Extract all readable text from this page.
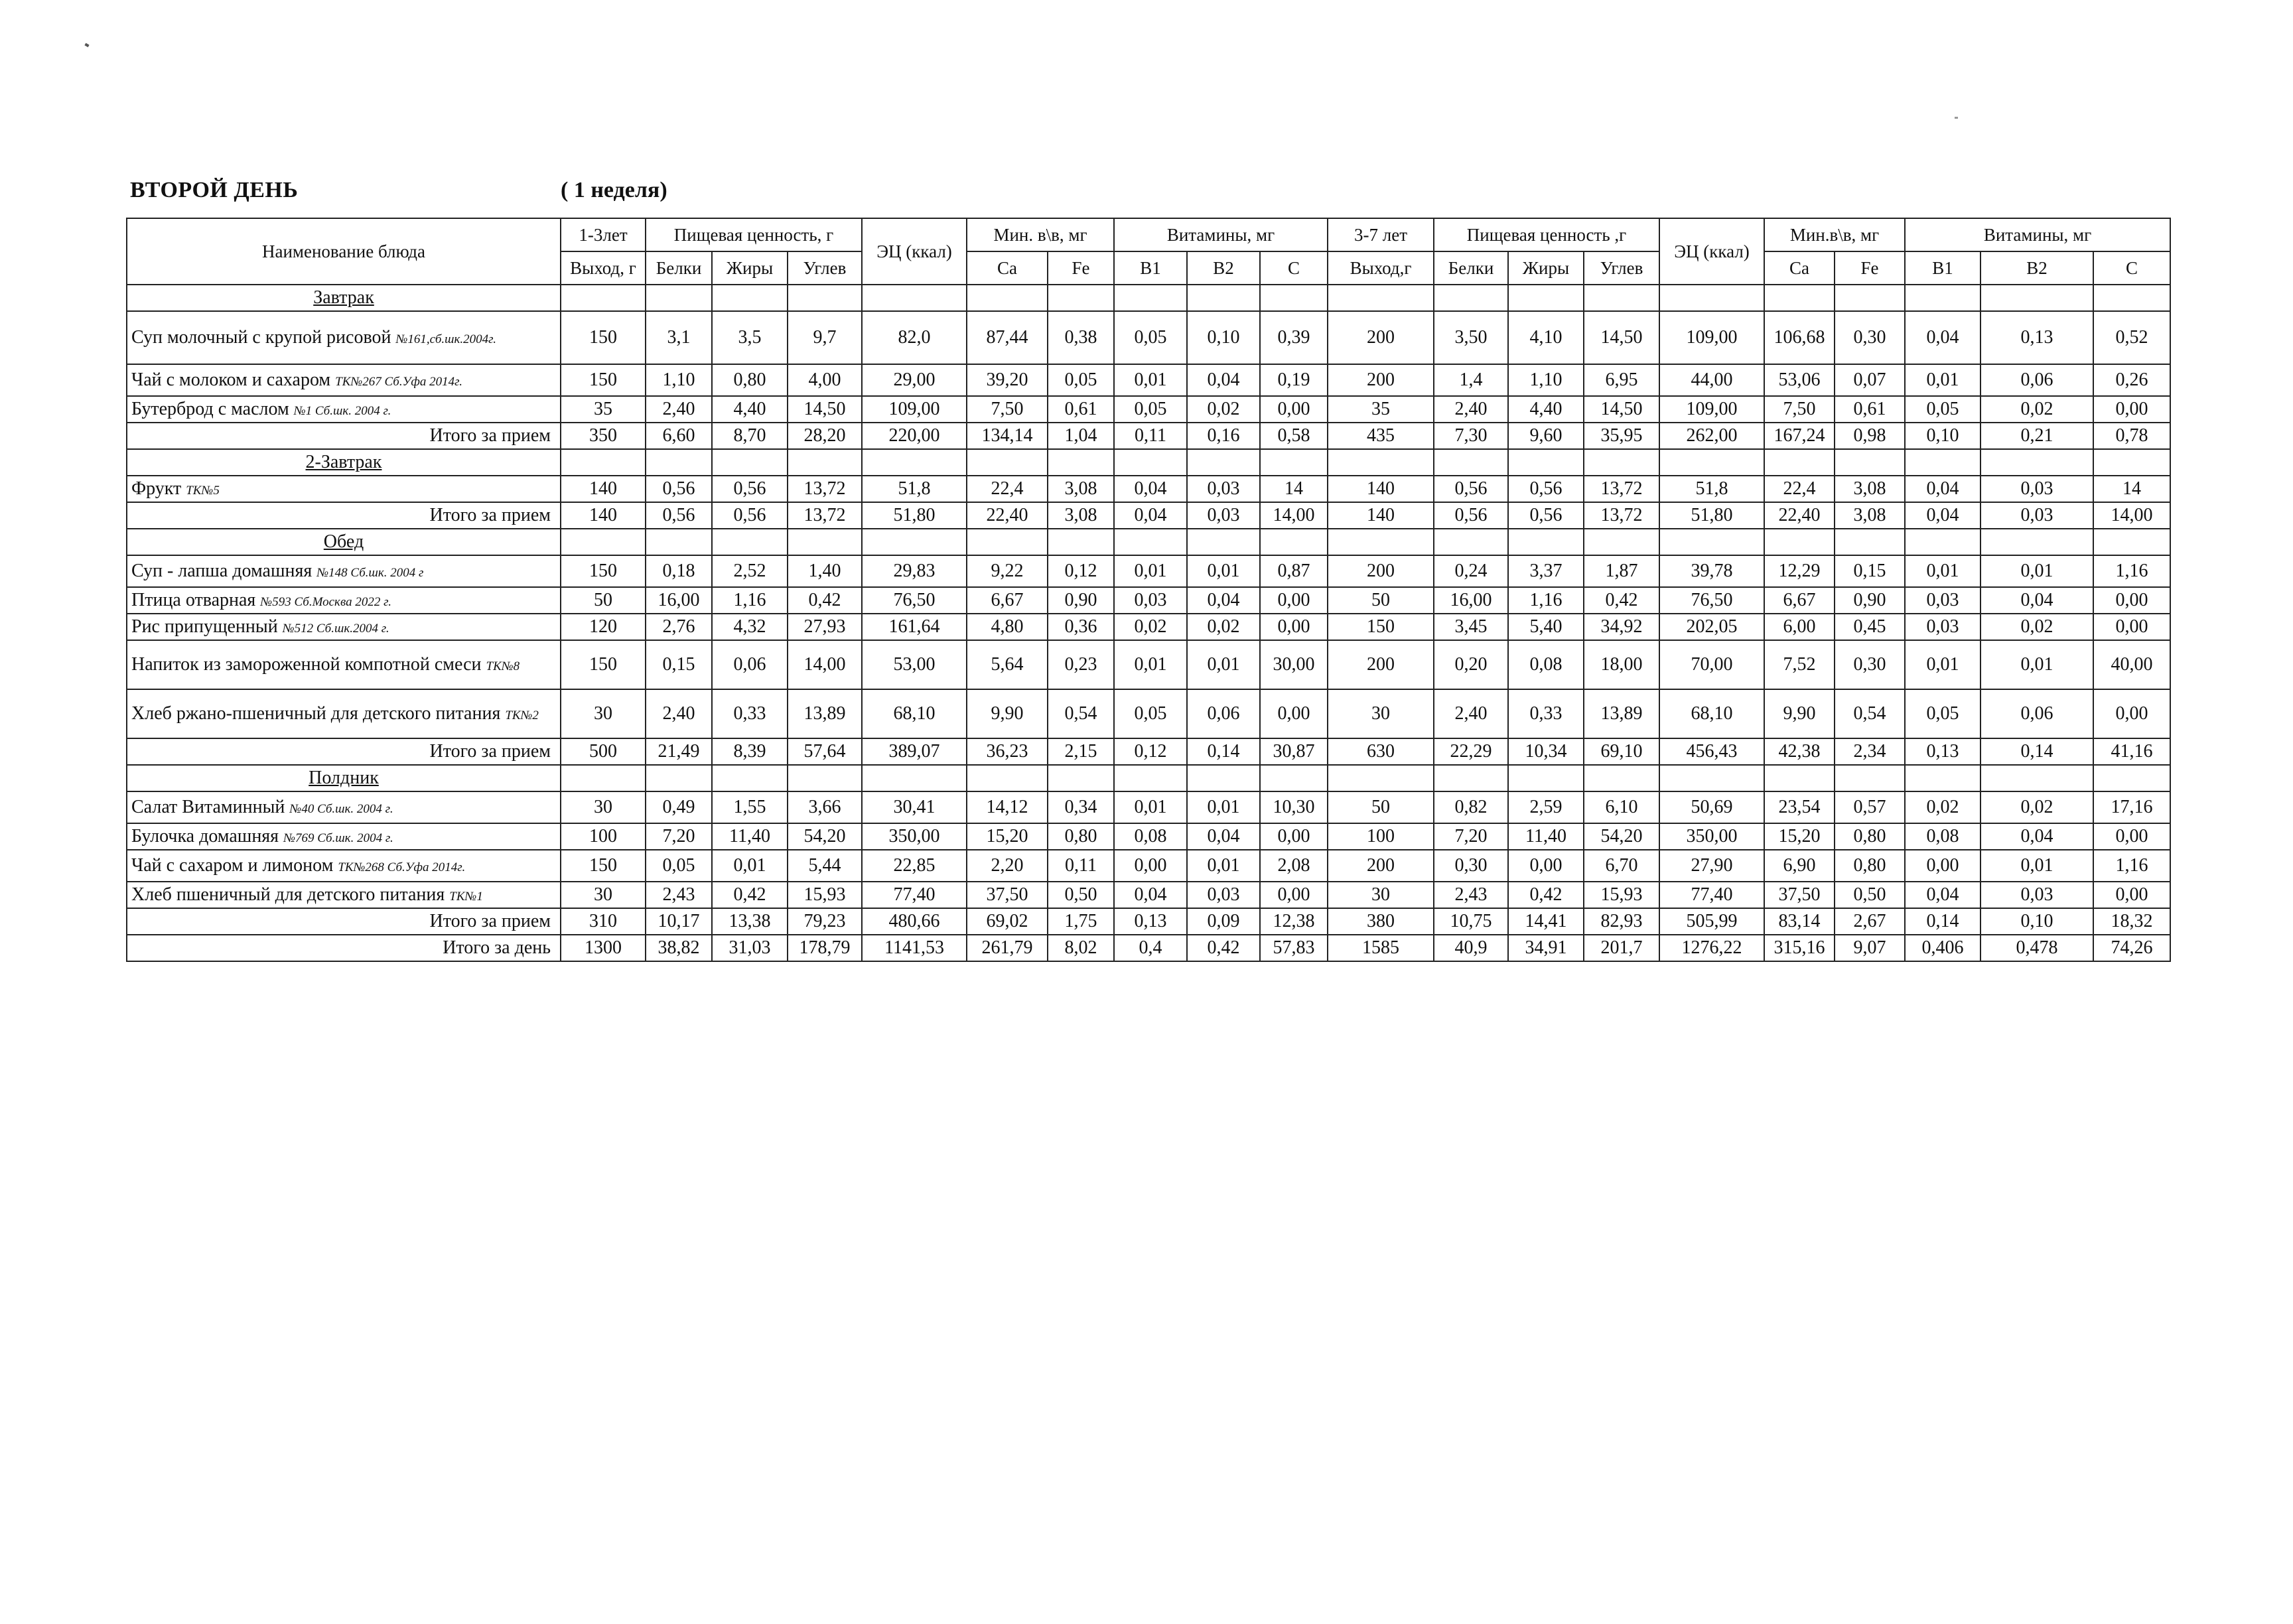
ВТОРОЙ ДЕНЬ	( 1 неделя)
Наименование блюда	1-3лет	Пищевая ценность, г			ЭЦ (ккал)	Мин. в\в, мг		Витамины, мг			3-7 лет	Пищевая ценность ,г			ЭЦ (ккал)	Мин.в\в, мг		Витамины, мг		
	Выход, г	Белки	Жиры	Углев		Ca	Fe	B1	B2	C	Выход,г	Белки	Жиры	Углев		Ca	Fe	B1	B2	C
Завтрак																				
Суп молочный с крупой рисовой №161,сб.шк.2004г.	150	3,1	3,5	9,7	82,0	87,44	0,38	0,05	0,10	0,39	200	3,50	4,10	14,50	109,00	106,68	0,30	0,04	0,13	0,52
Чай с молоком и сахаром ТК№267 Сб.Уфа 2014г.	150	1,10	0,80	4,00	29,00	39,20	0,05	0,01	0,04	0,19	200	1,4	1,10	6,95	44,00	53,06	0,07	0,01	0,06	0,26
Бутерброд с маслом №1 Сб.шк. 2004 г.	35	2,40	4,40	14,50	109,00	7,50	0,61	0,05	0,02	0,00	35	2,40	4,40	14,50	109,00	7,50	0,61	0,05	0,02	0,00
Итого за прием	350	6,60	8,70	28,20	220,00	134,14	1,04	0,11	0,16	0,58	435	7,30	9,60	35,95	262,00	167,24	0,98	0,10	0,21	0,78
2-Завтрак																				
Фрукт ТК№5	140	0,56	0,56	13,72	51,8	22,4	3,08	0,04	0,03	14	140	0,56	0,56	13,72	51,8	22,4	3,08	0,04	0,03	14
Итого за прием	140	0,56	0,56	13,72	51,80	22,40	3,08	0,04	0,03	14,00	140	0,56	0,56	13,72	51,80	22,40	3,08	0,04	0,03	14,00
Обед																				
Суп - лапша домашняя №148 Сб.шк. 2004 г	150	0,18	2,52	1,40	29,83	9,22	0,12	0,01	0,01	0,87	200	0,24	3,37	1,87	39,78	12,29	0,15	0,01	0,01	1,16
Птица отварная №593 Сб.Москва 2022 г.	50	16,00	1,16	0,42	76,50	6,67	0,90	0,03	0,04	0,00	50	16,00	1,16	0,42	76,50	6,67	0,90	0,03	0,04	0,00
Рис припущенный №512 Сб.шк.2004 г.	120	2,76	4,32	27,93	161,64	4,80	0,36	0,02	0,02	0,00	150	3,45	5,40	34,92	202,05	6,00	0,45	0,03	0,02	0,00
Напиток из замороженной компотной смеси ТК№8	150	0,15	0,06	14,00	53,00	5,64	0,23	0,01	0,01	30,00	200	0,20	0,08	18,00	70,00	7,52	0,30	0,01	0,01	40,00
Хлеб ржано-пшеничный для детского питания ТК№2	30	2,40	0,33	13,89	68,10	9,90	0,54	0,05	0,06	0,00	30	2,40	0,33	13,89	68,10	9,90	0,54	0,05	0,06	0,00
Итого за прием	500	21,49	8,39	57,64	389,07	36,23	2,15	0,12	0,14	30,87	630	22,29	10,34	69,10	456,43	42,38	2,34	0,13	0,14	41,16
Полдник																				
Салат Витаминный №40 Сб.шк. 2004 г.	30	0,49	1,55	3,66	30,41	14,12	0,34	0,01	0,01	10,30	50	0,82	2,59	6,10	50,69	23,54	0,57	0,02	0,02	17,16
Булочка домашняя №769 Сб.шк. 2004 г.	100	7,20	11,40	54,20	350,00	15,20	0,80	0,08	0,04	0,00	100	7,20	11,40	54,20	350,00	15,20	0,80	0,08	0,04	0,00
Чай с сахаром и лимоном ТК№268 Сб.Уфа 2014г.	150	0,05	0,01	5,44	22,85	2,20	0,11	0,00	0,01	2,08	200	0,30	0,00	6,70	27,90	6,90	0,80	0,00	0,01	1,16
Хлеб пшеничный для детского питания ТК№1	30	2,43	0,42	15,93	77,40	37,50	0,50	0,04	0,03	0,00	30	2,43	0,42	15,93	77,40	37,50	0,50	0,04	0,03	0,00
Итого за прием	310	10,17	13,38	79,23	480,66	69,02	1,75	0,13	0,09	12,38	380	10,75	14,41	82,93	505,99	83,14	2,67	0,14	0,10	18,32
Итого за день	1300	38,82	31,03	178,79	1141,53	261,79	8,02	0,4	0,42	57,83	1585	40,9	34,91	201,7	1276,22	315,16	9,07	0,406	0,478	74,26
